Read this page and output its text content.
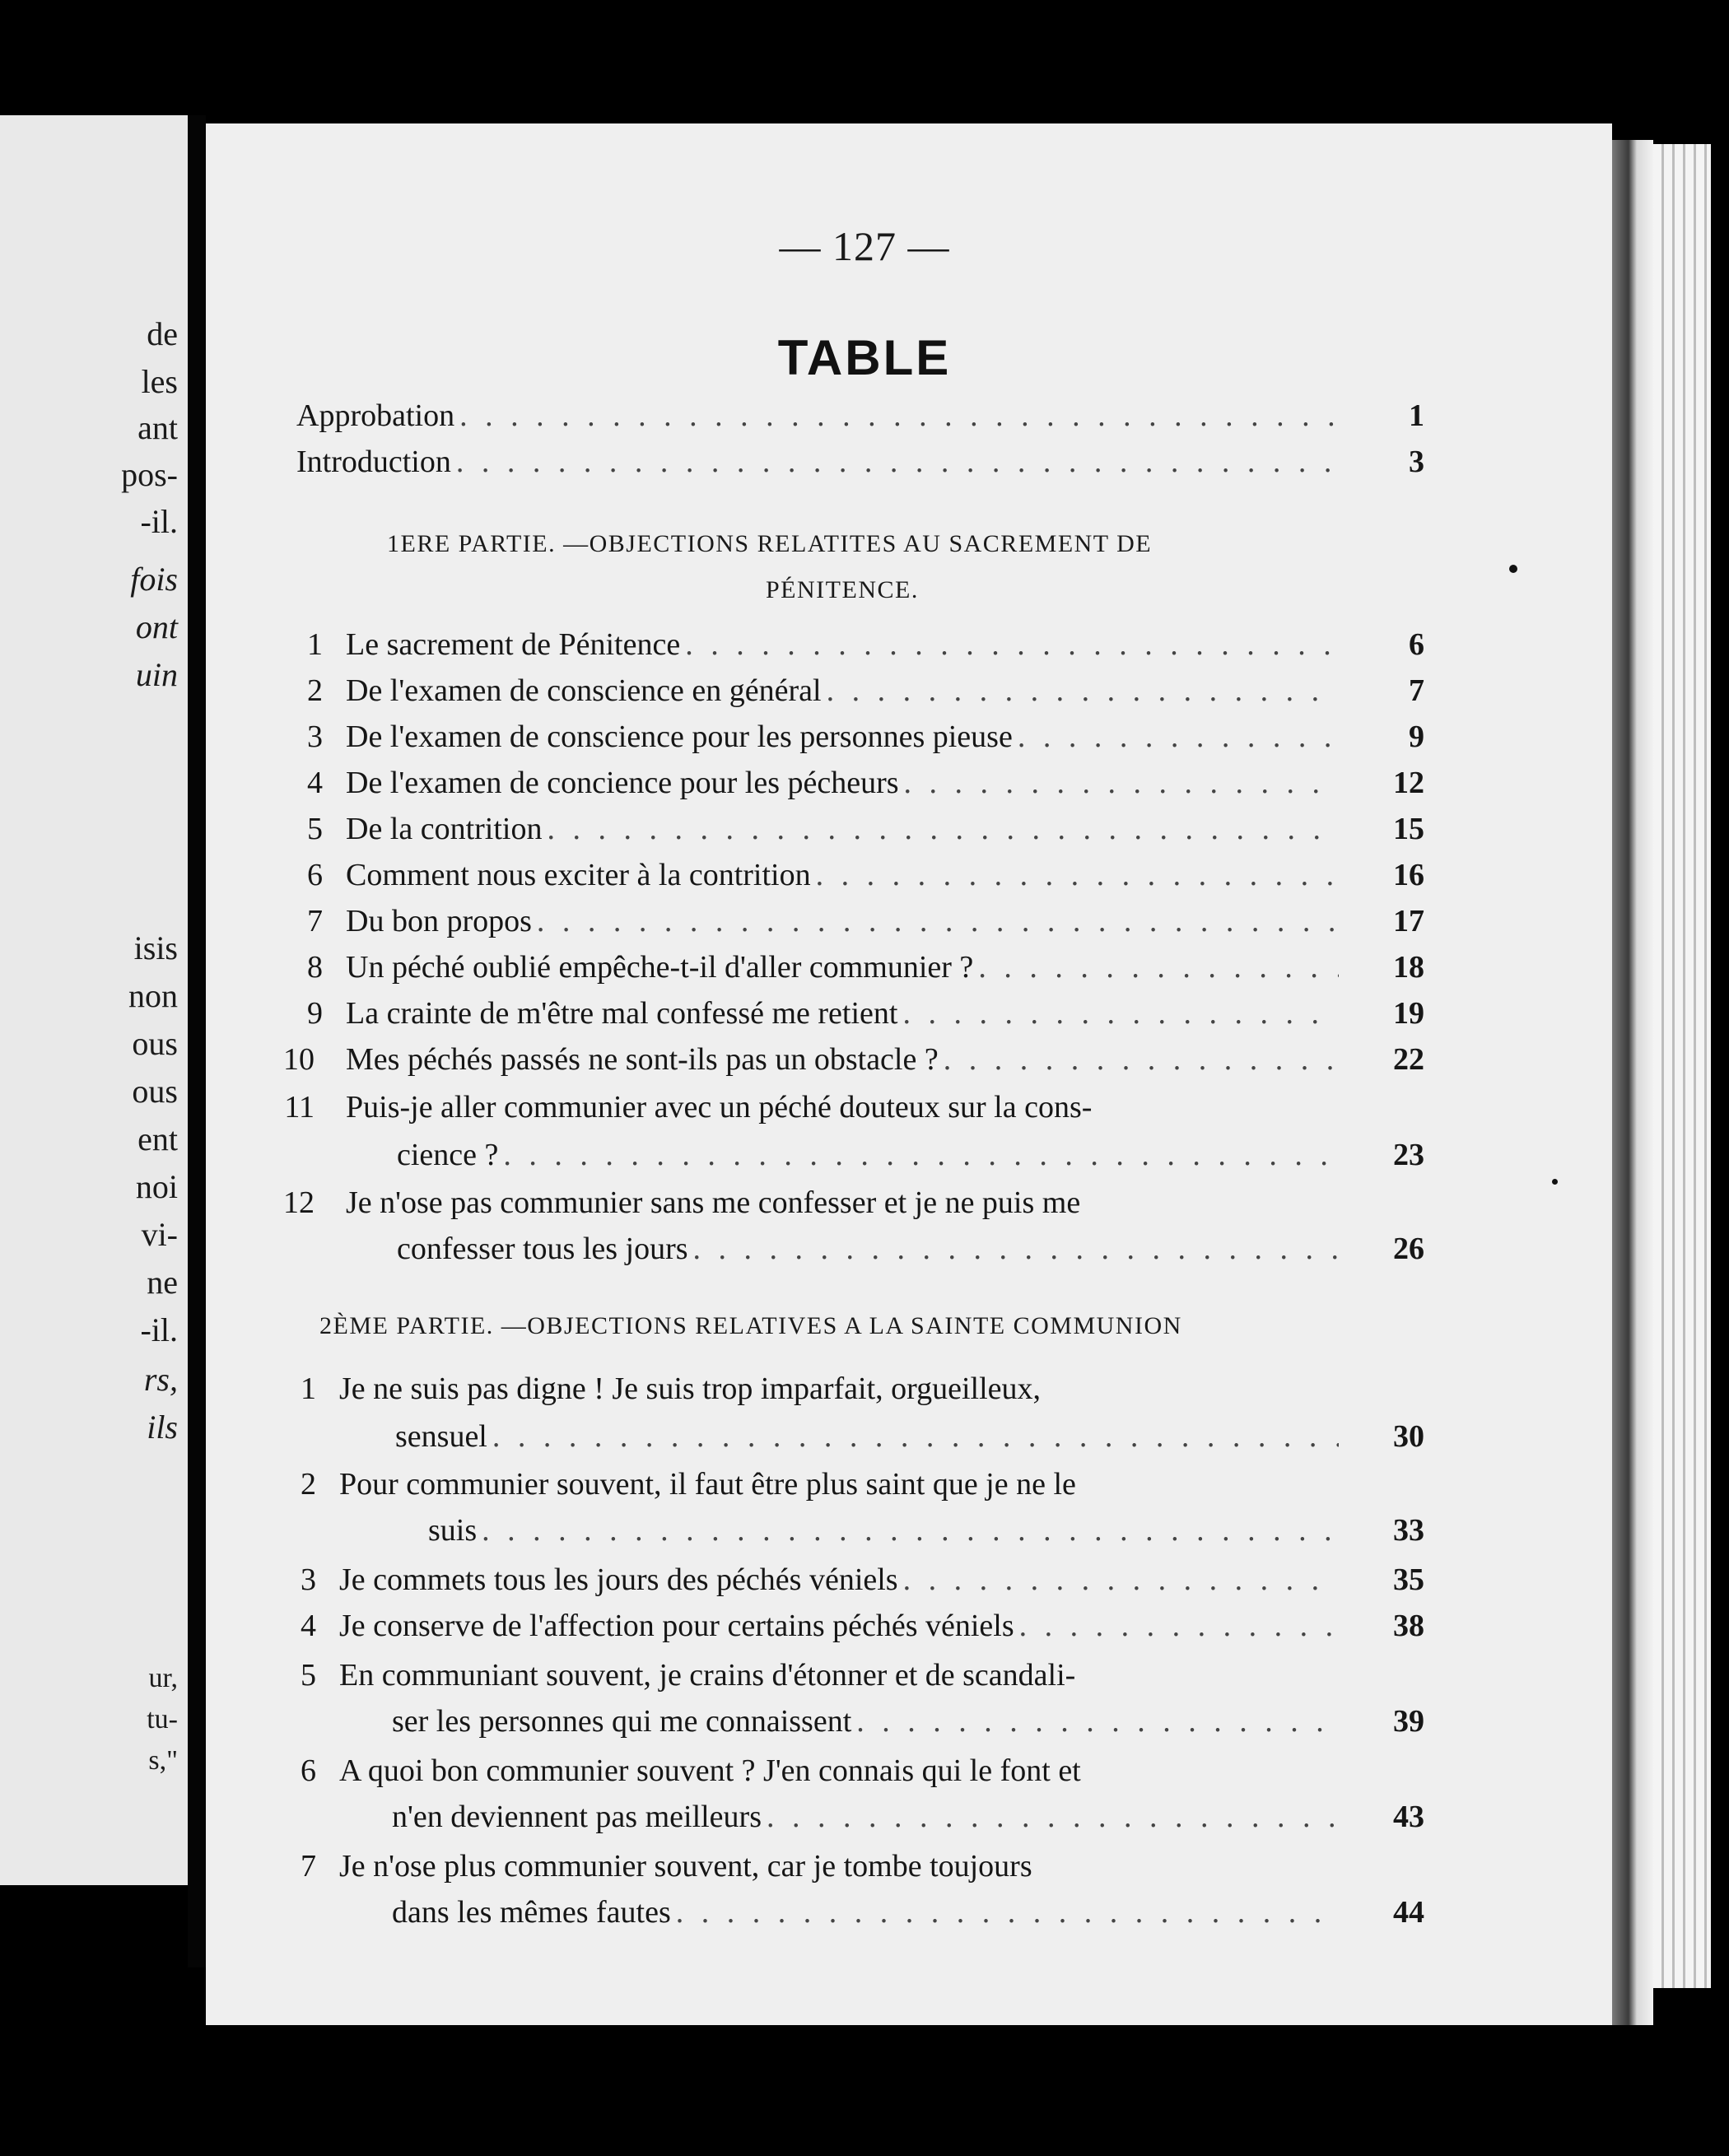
de
les
ant
pos-
-il.
fois
ont
uin
isis
non
ous
ous
ent
noi
vi-
ne
-il.
rs,
ils
ur,
tu-
s,"
— 127 —
TABLE
Approbation . . .	1
Introduction . . .	3
1ERE PARTIE. —OBJECTIONS RELATITES AU SACREMENT DE
PÉNITENCE.
1 Le sacrement de Pénitence . . .	6
2 De l'examen de conscience en général . . .	7
3 De l'examen de conscience pour les personnes pieuse . . .	9
4 De l'examen de concience pour les pécheurs . . .	12
5 De la contrition . . .	15
6 Comment nous exciter à la contrition . . .	16
7 Du bon propos . . .	17
8 Un péché oublié empêche-t-il d'aller communier ? . . .	18
9 La crainte de m'être mal confessé me retient . . .	19
10 Mes péchés passés ne sont-ils pas un obstacle ? . . .	22
11 Puis-je aller communier avec un péché douteux sur la cons-
cience ? . . .	23
12 Je n'ose pas communier sans me confesser et je ne puis me
confesser tous les jours . . .	26
2ÈME PARTIE. —OBJECTIONS RELATIVES A LA SAINTE COMMUNION
1 Je ne suis pas digne ! Je suis trop imparfait, orgueilleux,
sensuel . . .	30
2 Pour communier souvent, il faut être plus saint que je ne le
suis . . .	33
3 Je commets tous les jours des péchés véniels . . .	35
4 Je conserve de l'affection pour certains péchés véniels . . .	38
5 En communiant souvent, je crains d'étonner et de scandali-
ser les personnes qui me connaissent . . .	39
6 A quoi bon communier souvent ? J'en connais qui le font et
n'en deviennent pas meilleurs . . .	43
7 Je n'ose plus communier souvent, car je tombe toujours
dans les mêmes fautes . . .	44
